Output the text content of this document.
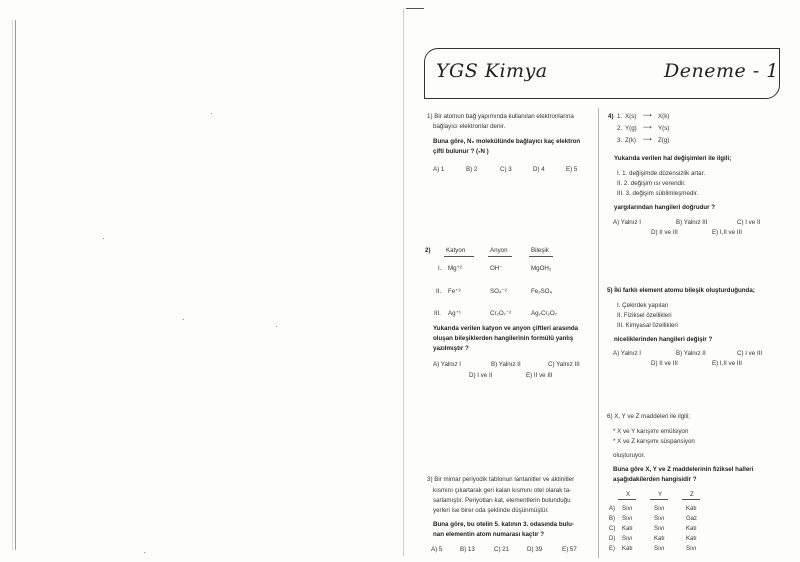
YGS Kimya	Deneme - 1
1) Bir atomun bağ yapımında kullanılan elektronlarına
bağlayıcı elektronlar denir.
Buna göre, N₂ molekülünde bağlayıcı kaç elektron
çifti bulunur ? (₇N )
A) 1	B) 2	C) 3	D) 4	E) 5
2) Katyon	Anyon	Bileşik
I. Mg⁺²	OH⁻	MgOH₂
II. Fe⁺³	SO₄⁻²	Fe₂SO₄
III. Ag⁺¹	Cr₂O₇⁻²	Ag₂Cr₂O₇
Yukarıda verilen katyon ve anyon çiftleri arasında
oluşan bileşiklerden hangilerinin formülü yanlış
yazılmıştır ?
A) Yalnız I	B) Yalnız II	C) Yalnız III
D) I ve II	E) II ve III
3) Bir mimar periyodik tablonun lantanitler ve aktinitler
kısmını çıkartarak geri kalan kısmını otel olarak ta-
sarlamıştır. Periyotları kat, elementlerin bulunduğu
yerleri ise birer oda şeklinde düşünmüştür.
Buna göre, bu otelin 5. katının 3. odasında bulu-
nan elementin atom numarası kaçtır ?
A) 5	B) 13	C) 21	D) 39	E) 57
4) 1. X(s) ⟶ X(k)
2. Y(g) ⟶ Y(s)
3. Z(k) ⟶ Z(g)
Yukarıda verilen hal değişimleri ile ilgili;
I. 1. değişimde düzensizlik artar.
II. 2. değişim ısı verendir.
III. 3. değişim süblimleşmedir.
yargılarından hangileri doğrudur ?
A) Yalnız I	B) Yalnız III	C) I ve II
D) II ve III	E) I,II ve III
5) İki farklı element atomu bileşik oluşturduğunda;
I. Çekirdek yapıları
II. Fiziksel özellikleri
III. Kimyasal özellikleri
niceliklerinden hangileri değişir ?
A) Yalnız I	B) Yalnız II	C) I ve III
D) II ve III	E) I,II ve III
6) X, Y ve Z maddeleri ile ilgili;
* X ve Y karışımı emülsiyon
* X ve Z karışımı süspansiyon
oluşturuyor.
Buna göre X, Y ve Z maddelerinin fiziksel halleri
aşağıdakilerden hangisidir ?
X	Y	Z
A) Sıvı	Sıvı	Katı
B) Sıvı	Sıvı	Gaz
C) Katı	Sıvı	Katı
D) Sıvı	Katı	Katı
E) Katı	Sıvı	Sıvı
